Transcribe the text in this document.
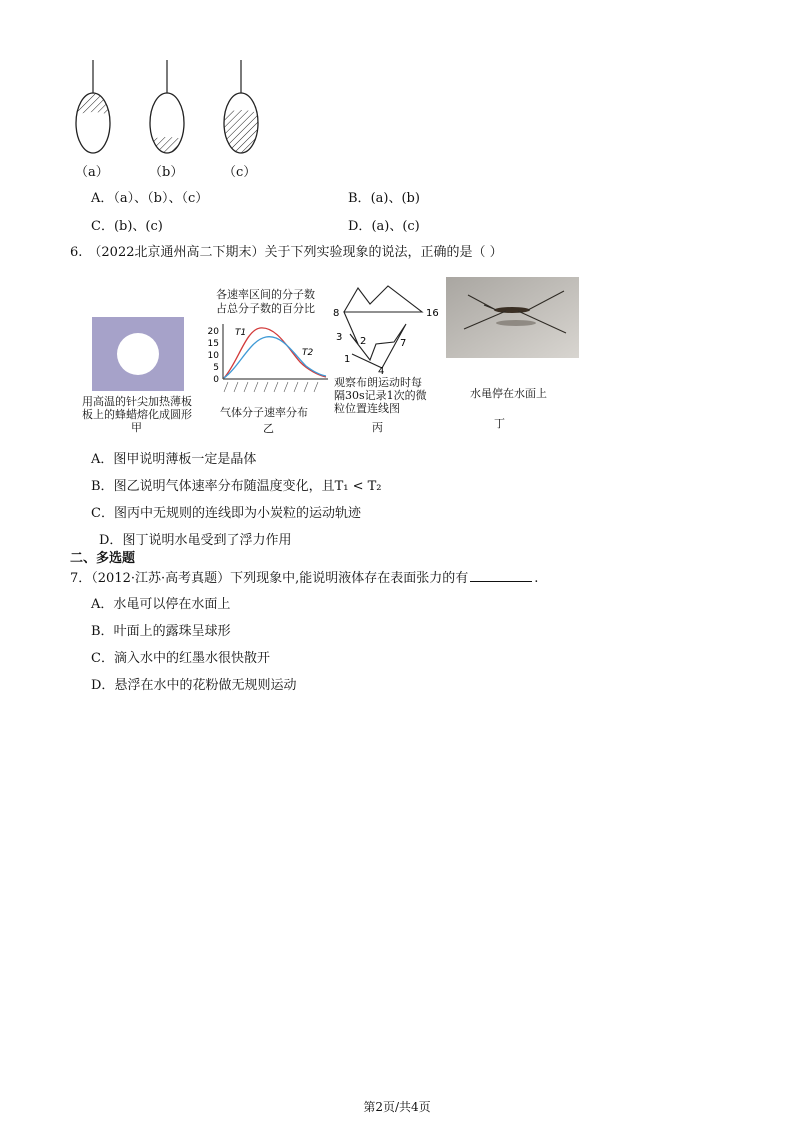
（a）	（b）	（c）
A．（a）、（b）、（c）	B．(a)、(b)
C．(b)、(c)	D．(a)、(c)
6. （2022北京通州高二下期末）关于下列实验现象的说法，正确的是（ ）
用高温的针尖加热薄板
板上的蜂蜡熔化成圆形
甲
各速率区间的分子数
占总分子数的百分比
20
15
10
5
0
T1
T2
气体分子速率分布
乙
16
8
3 2	7
1
4
观察布朗运动时每
隔30s记录1次的微
粒位置连线图
丙
水黾停在水面上
丁
A．图甲说明薄板一定是晶体
B．图乙说明气体速率分布随温度变化，且T₁ < T₂
C．图丙中无规则的连线即为小炭粒的运动轨迹
D．图丁说明水黾受到了浮力作用
二、多选题
7．（2012·江苏·高考真题）下列现象中,能说明液体存在表面张力的有	.
A．水黾可以停在水面上
B．叶面上的露珠呈球形
C．滴入水中的红墨水很快散开
D．悬浮在水中的花粉做无规则运动
第2页/共4页
